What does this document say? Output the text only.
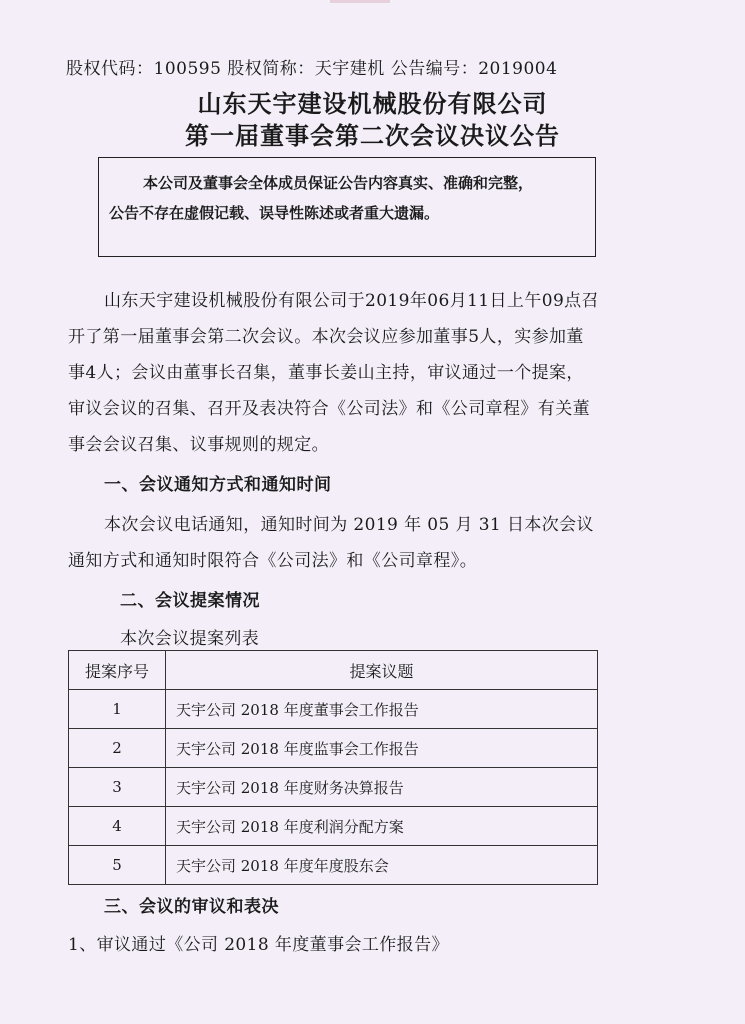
股权代码：100595 股权简称：天宇建机 公告编号：2019004
山东天宇建设机械股份有限公司
第一届董事会第二次会议决议公告
本公司及董事会全体成员保证公告内容真实、准确和完整，
公告不存在虚假记载、误导性陈述或者重大遗漏。
山东天宇建设机械股份有限公司于2019年06月11日上午09点召
开了第一届董事会第二次会议。本次会议应参加董事5人，实参加董
事4人；会议由董事长召集，董事长姜山主持，审议通过一个提案，
审议会议的召集、召开及表决符合《公司法》和《公司章程》有关董
事会会议召集、议事规则的规定。
一、会议通知方式和通知时间
本次会议电话通知，通知时间为 2019 年 05 月 31 日本次会议
通知方式和通知时限符合《公司法》和《公司章程》。
二、会议提案情况
本次会议提案列表
提案序号	提案议题
1	天宇公司 2018 年度董事会工作报告
2	天宇公司 2018 年度监事会工作报告
3	天宇公司 2018 年度财务决算报告
4	天宇公司 2018 年度利润分配方案
5	天宇公司 2018 年度年度股东会
三、会议的审议和表决
1、审议通过《公司 2018 年度董事会工作报告》
